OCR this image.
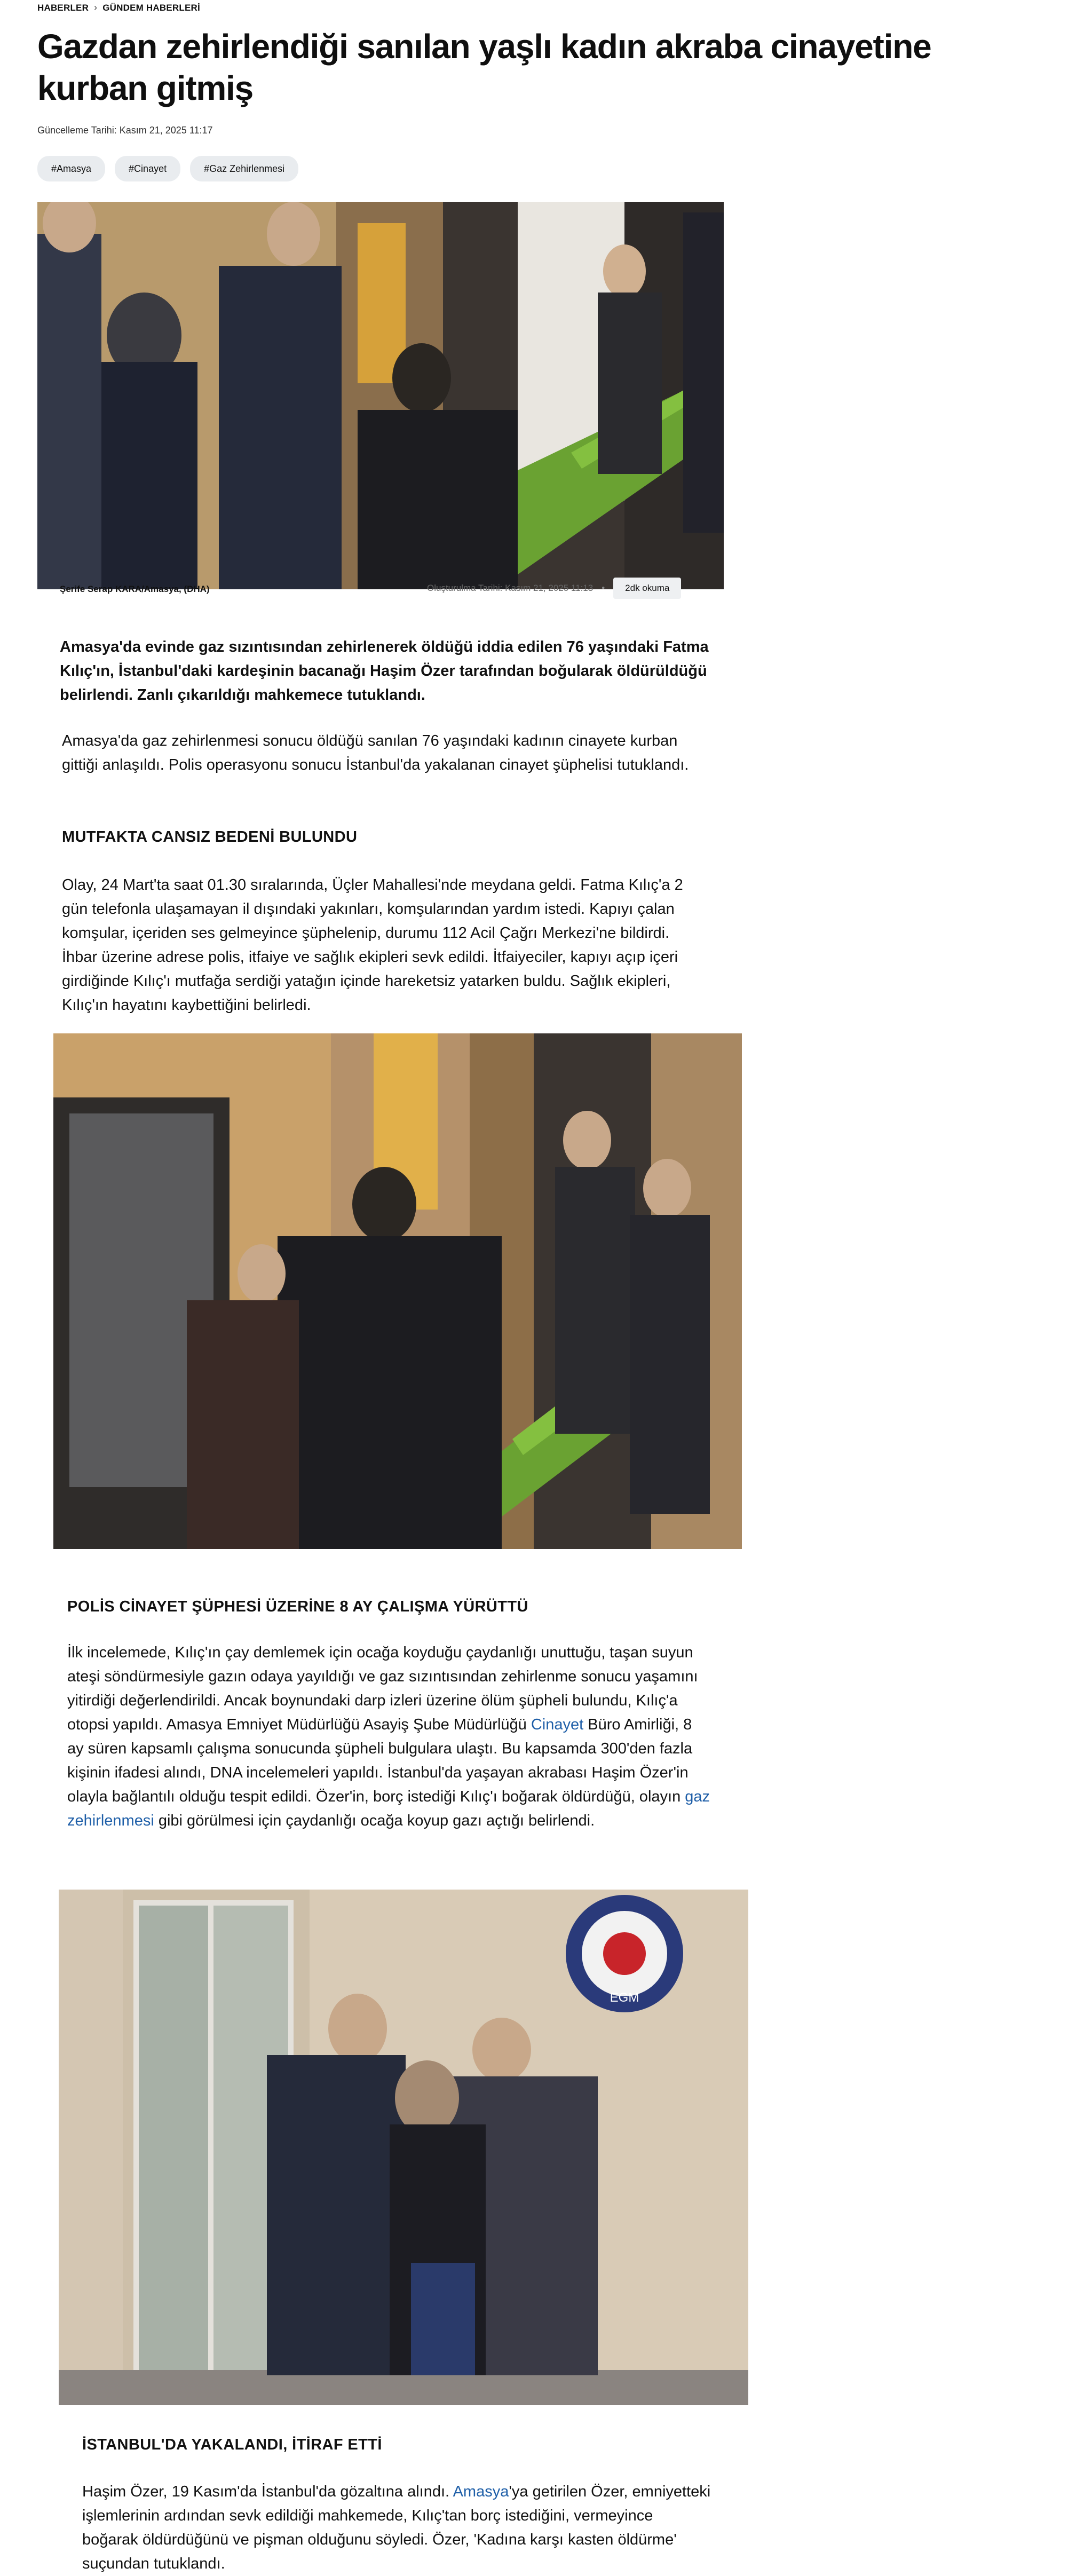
HABERLER › GÜNDEM HABERLERİ
Gazdan zehirlendiği sanılan yaşlı kadın akraba cinayetine kurban gitmiş
Güncelleme Tarihi: Kasım 21, 2025 11:17
#Amasya	#Cinayet	#Gaz Zehirlenmesi
Şerife Serap KARA/Amasya, (DHA)	Oluşturulma Tarihi: Kasım 21, 2025 11:13 •	2dk okuma

Amasya'da evinde gaz sızıntısından zehirlenerek öldüğü iddia edilen 76 yaşındaki Fatma Kılıç'ın, İstanbul'daki kardeşinin bacanağı Haşim Özer tarafından boğularak öldürüldüğü belirlendi. Zanlı çıkarıldığı mahkemece tutuklandı.

Amasya'da gaz zehirlenmesi sonucu öldüğü sanılan 76 yaşındaki kadının cinayete kurban gittiği anlaşıldı. Polis operasyonu sonucu İstanbul'da yakalanan cinayet şüphelisi tutuklandı.

MUTFAKTA CANSIZ BEDENİ BULUNDU

Olay, 24 Mart'ta saat 01.30 sıralarında, Üçler Mahallesi'nde meydana geldi. Fatma Kılıç'a 2 gün telefonla ulaşamayan il dışındaki yakınları, komşularından yardım istedi. Kapıyı çalan komşular, içeriden ses gelmeyince şüphelenip, durumu 112 Acil Çağrı Merkezi'ne bildirdi. İhbar üzerine adrese polis, itfaiye ve sağlık ekipleri sevk edildi. İtfaiyeciler, kapıyı açıp içeri girdiğinde Kılıç'ı mutfağa serdiği yatağın içinde hareketsiz yatarken buldu. Sağlık ekipleri, Kılıç'ın hayatını kaybettiğini belirledi.

POLİS CİNAYET ŞÜPHESİ ÜZERİNE 8 AY ÇALIŞMA YÜRÜTTÜ

İlk incelemede, Kılıç'ın çay demlemek için ocağa koyduğu çaydanlığı unuttuğu, taşan suyun ateşi söndürmesiyle gazın odaya yayıldığı ve gaz sızıntısından zehirlenme sonucu yaşamını yitirdiği değerlendirildi. Ancak boynundaki darp izleri üzerine ölüm şüpheli bulundu, Kılıç'a otopsi yapıldı. Amasya Emniyet Müdürlüğü Asayiş Şube Müdürlüğü Cinayet Büro Amirliği, 8 ay süren kapsamlı çalışma sonucunda şüpheli bulgulara ulaştı. Bu kapsamda 300'den fazla kişinin ifadesi alındı, DNA incelemeleri yapıldı. İstanbul'da yaşayan akrabası Haşim Özer'in olayla bağlantılı olduğu tespit edildi. Özer'in, borç istediği Kılıç'ı boğarak öldürdüğü, olayın gaz zehirlenmesi gibi görülmesi için çaydanlığı ocağa koyup gazı açtığı belirlendi.

EGM
İSTANBUL'DA YAKALANDI, İTİRAF ETTİ

Haşim Özer, 19 Kasım'da İstanbul'da gözaltına alındı. Amasya'ya getirilen Özer, emniyetteki işlemlerinin ardından sevk edildiği mahkemede, Kılıç'tan borç istediğini, vermeyince boğarak öldürdüğünü ve pişman olduğunu söyledi. Özer, 'Kadına karşı kasten öldürme' suçundan tutuklandı.
